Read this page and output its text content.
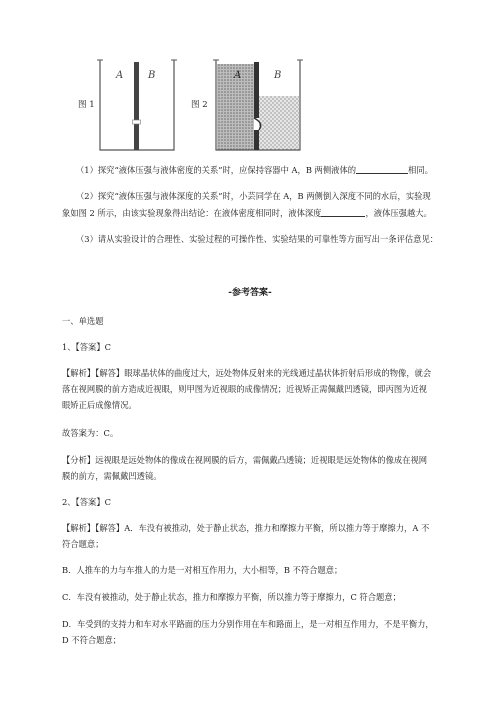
图 1
A B
图 2
A	B
（1）探究“液体压强与液体密度的关系”时，应保持容器中 A，B 两侧液体的	相同。
（2）探究“液体压强与液体深度的关系”时，小芸同学在 A，B 两侧倒入深度不同的水后，实验现
象如图 2 所示，由该实验现象得出结论：在液体密度相同时，液体深度	，液体压强越大。
（3）请从实验设计的合理性、实验过程的可操作性、实验结果的可靠性等方面写出一条评估意见：
-参考答案-
一、单选题
1、【答案】C
【解析】【解答】眼球晶状体的曲度过大，远处物体反射来的光线通过晶状体折射后形成的物像，就会
落在视网膜的前方造成近视眼，则甲图为近视眼的成像情况；近视矫正需佩戴凹透镜，即丙图为近视
眼矫正后成像情况。
故答案为：C。
【分析】远视眼是远处物体的像成在视网膜的后方，需佩戴凸透镜；近视眼是远处物体的像成在视网
膜的前方，需佩戴凹透镜。
2、【答案】C
【解析】【解答】A．车没有被推动，处于静止状态，推力和摩擦力平衡，所以推力等于摩擦力，A 不
符合题意；
B．人推车的力与车推人的力是一对相互作用力，大小相等，B 不符合题意；
C．车没有被推动，处于静止状态，推力和摩擦力平衡，所以推力等于摩擦力，C 符合题意；
D．车受到的支持力和车对水平路面的压力分别作用在车和路面上，是一对相互作用力，不是平衡力，
D 不符合题意；
